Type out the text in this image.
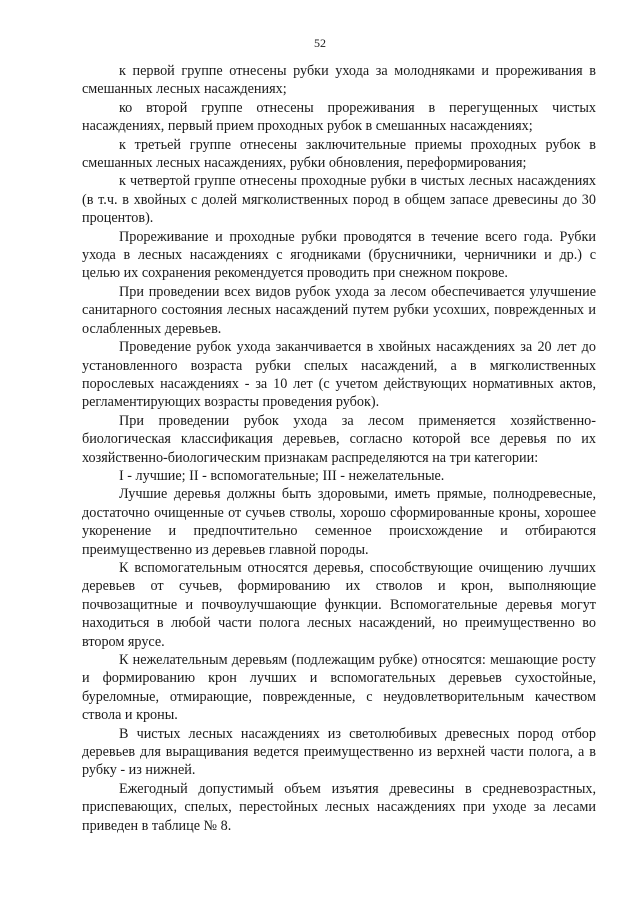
52

к первой группе отнесены рубки ухода за молодняками и прореживания в смешанных лесных насаждениях;

ко второй группе отнесены прореживания в перегущенных чистых насаждениях, первый прием проходных рубок в смешанных насаждениях;

к третьей группе отнесены заключительные приемы проходных рубок в смешанных лесных насаждениях, рубки обновления, переформирования;

к четвертой группе отнесены проходные рубки в чистых лесных насаждениях (в т.ч. в хвойных с долей мягколиственных пород в общем запасе древесины до 30 процентов).

Прореживание и проходные рубки проводятся в течение всего года. Рубки ухода в лесных насаждениях с ягодниками (брусничники, черничники и др.) с целью их сохранения рекомендуется проводить при снежном покрове.

При проведении всех видов рубок ухода за лесом обеспечивается улучшение санитарного состояния лесных насаждений путем рубки усохших, поврежденных и ослабленных деревьев.

Проведение рубок ухода заканчивается в хвойных насаждениях за 20 лет до установленного возраста рубки спелых насаждений, а в мягколиственных порослевых насаждениях - за 10 лет (с учетом действующих нормативных актов, регламентирующих возрасты проведения рубок).

При проведении рубок ухода за лесом применяется хозяйственно-биологическая классификация деревьев, согласно которой все деревья по их хозяйственно-биологическим признакам распределяются на три категории:

I - лучшие; II - вспомогательные; III - нежелательные.

Лучшие деревья должны быть здоровыми, иметь прямые, полнодревесные, достаточно очищенные от сучьев стволы, хорошо сформированные кроны, хорошее укоренение и предпочтительно семенное происхождение и отбираются преимущественно из деревьев главной породы.

К вспомогательным относятся деревья, способствующие очищению лучших деревьев от сучьев, формированию их стволов и крон, выполняющие почвозащитные и почвоулучшающие функции. Вспомогательные деревья могут находиться в любой части полога лесных насаждений, но преимущественно во втором ярусе.

К нежелательным деревьям (подлежащим рубке) относятся: мешающие росту и формированию крон лучших и вспомогательных деревьев сухостойные, буреломные, отмирающие, поврежденные, с неудовлетворительным качеством ствола и кроны.

В чистых лесных насаждениях из светолюбивых древесных пород отбор деревьев для выращивания ведется преимущественно из верхней части полога, а в рубку - из нижней.

Ежегодный допустимый объем изъятия древесины в средневозрастных, приспевающих, спелых, перестойных лесных насаждениях при уходе за лесами приведен в таблице № 8.
